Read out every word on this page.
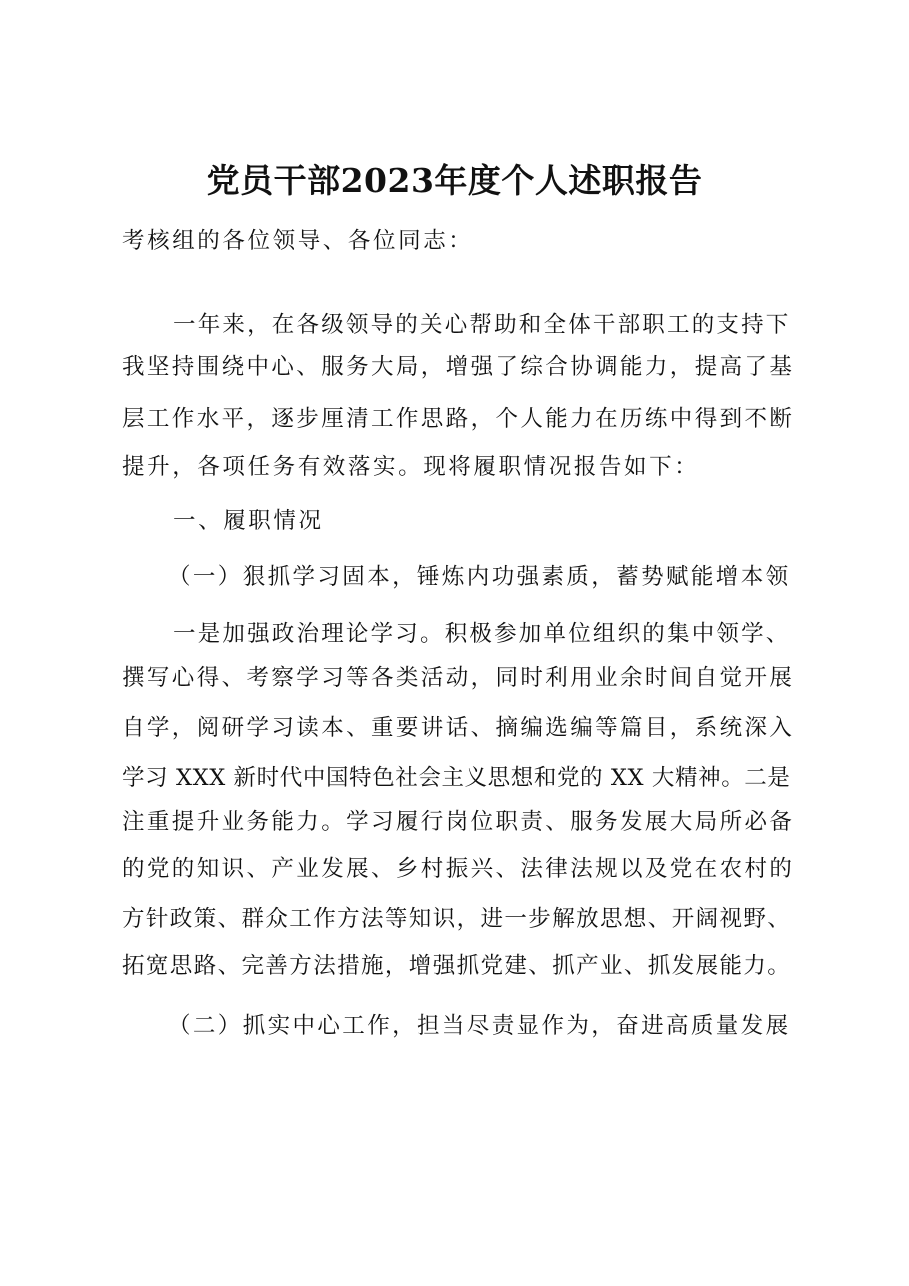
党员干部2023年度个人述职报告
考核组的各位领导、各位同志：
一年来，在各级领导的关心帮助和全体干部职工的支持下
我坚持围绕中心、服务大局，增强了综合协调能力，提高了基
层工作水平，逐步厘清工作思路，个人能力在历练中得到不断
提升，各项任务有效落实。现将履职情况报告如下：
一、履职情况
（一）狠抓学习固本，锤炼内功强素质，蓄势赋能增本领
一是加强政治理论学习。积极参加单位组织的集中领学、
撰写心得、考察学习等各类活动，同时利用业余时间自觉开展
自学，阅研学习读本、重要讲话、摘编选编等篇目，系统深入
学习 XXX 新时代中国特色社会主义思想和党的 XX 大精神。二是
注重提升业务能力。学习履行岗位职责、服务发展大局所必备
的党的知识、产业发展、乡村振兴、法律法规以及党在农村的
方针政策、群众工作方法等知识，进一步解放思想、开阔视野、
拓宽思路、完善方法措施，增强抓党建、抓产业、抓发展能力。
（二）抓实中心工作，担当尽责显作为，奋进高质量发展
